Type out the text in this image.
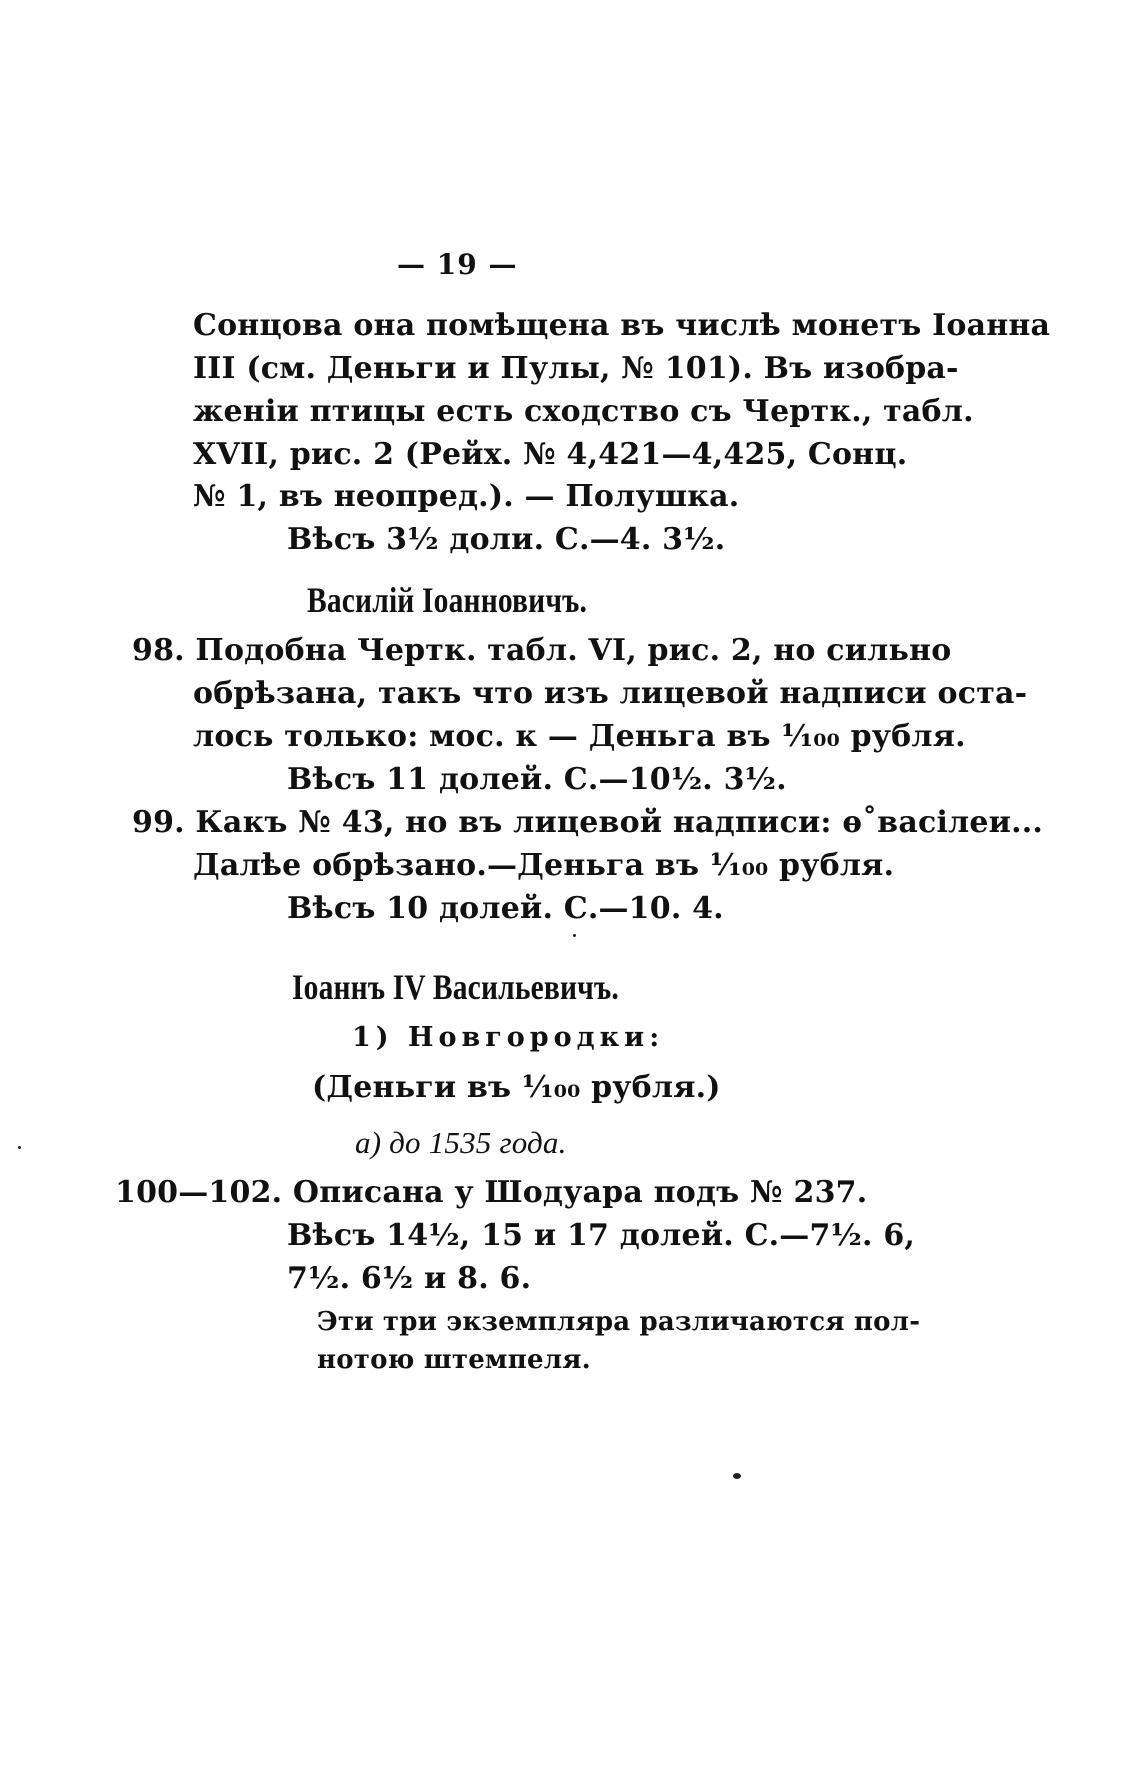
— 19 —
Сонцова она помѣщена въ числѣ монетъ Іоанна
III (см. Деньги и Пулы, № 101). Въ изобра-
женіи птицы есть сходство съ Чертк., табл.
XVII, рис. 2 (Рейх. № 4,421—4,425, Сонц.
№ 1, въ неопред.). — Полушка.
Вѣсъ 3½ доли. С.—4. 3½.
Василій Іоанновичъ.
98. Подобна Чертк. табл. VI, рис. 2, но сильно
обрѣзана, такъ что изъ лицевой надписи оста-
лось только: мос. к — Деньга въ ¹⁄₁₀₀ рубля.
Вѣсъ 11 долей. С.—10½. 3½.
99. Какъ № 43, но въ лицевой надписи: ѳ˚васілеи...
Далѣе обрѣзано.—Деньга въ ¹⁄₁₀₀ рубля.
Вѣсъ 10 долей. С.—10. 4.
Іоаннъ IV Васильевичъ.
1) Новгородки:
(Деньги въ ¹⁄₁₀₀ рубля.)
а) до 1535 года.
100—102. Описана у Шодуара подъ № 237.
Вѣсъ 14½, 15 и 17 долей. С.—7½. 6,
7½. 6½ и 8. 6.
Эти три экземпляра различаются пол-
нотою штемпеля.
